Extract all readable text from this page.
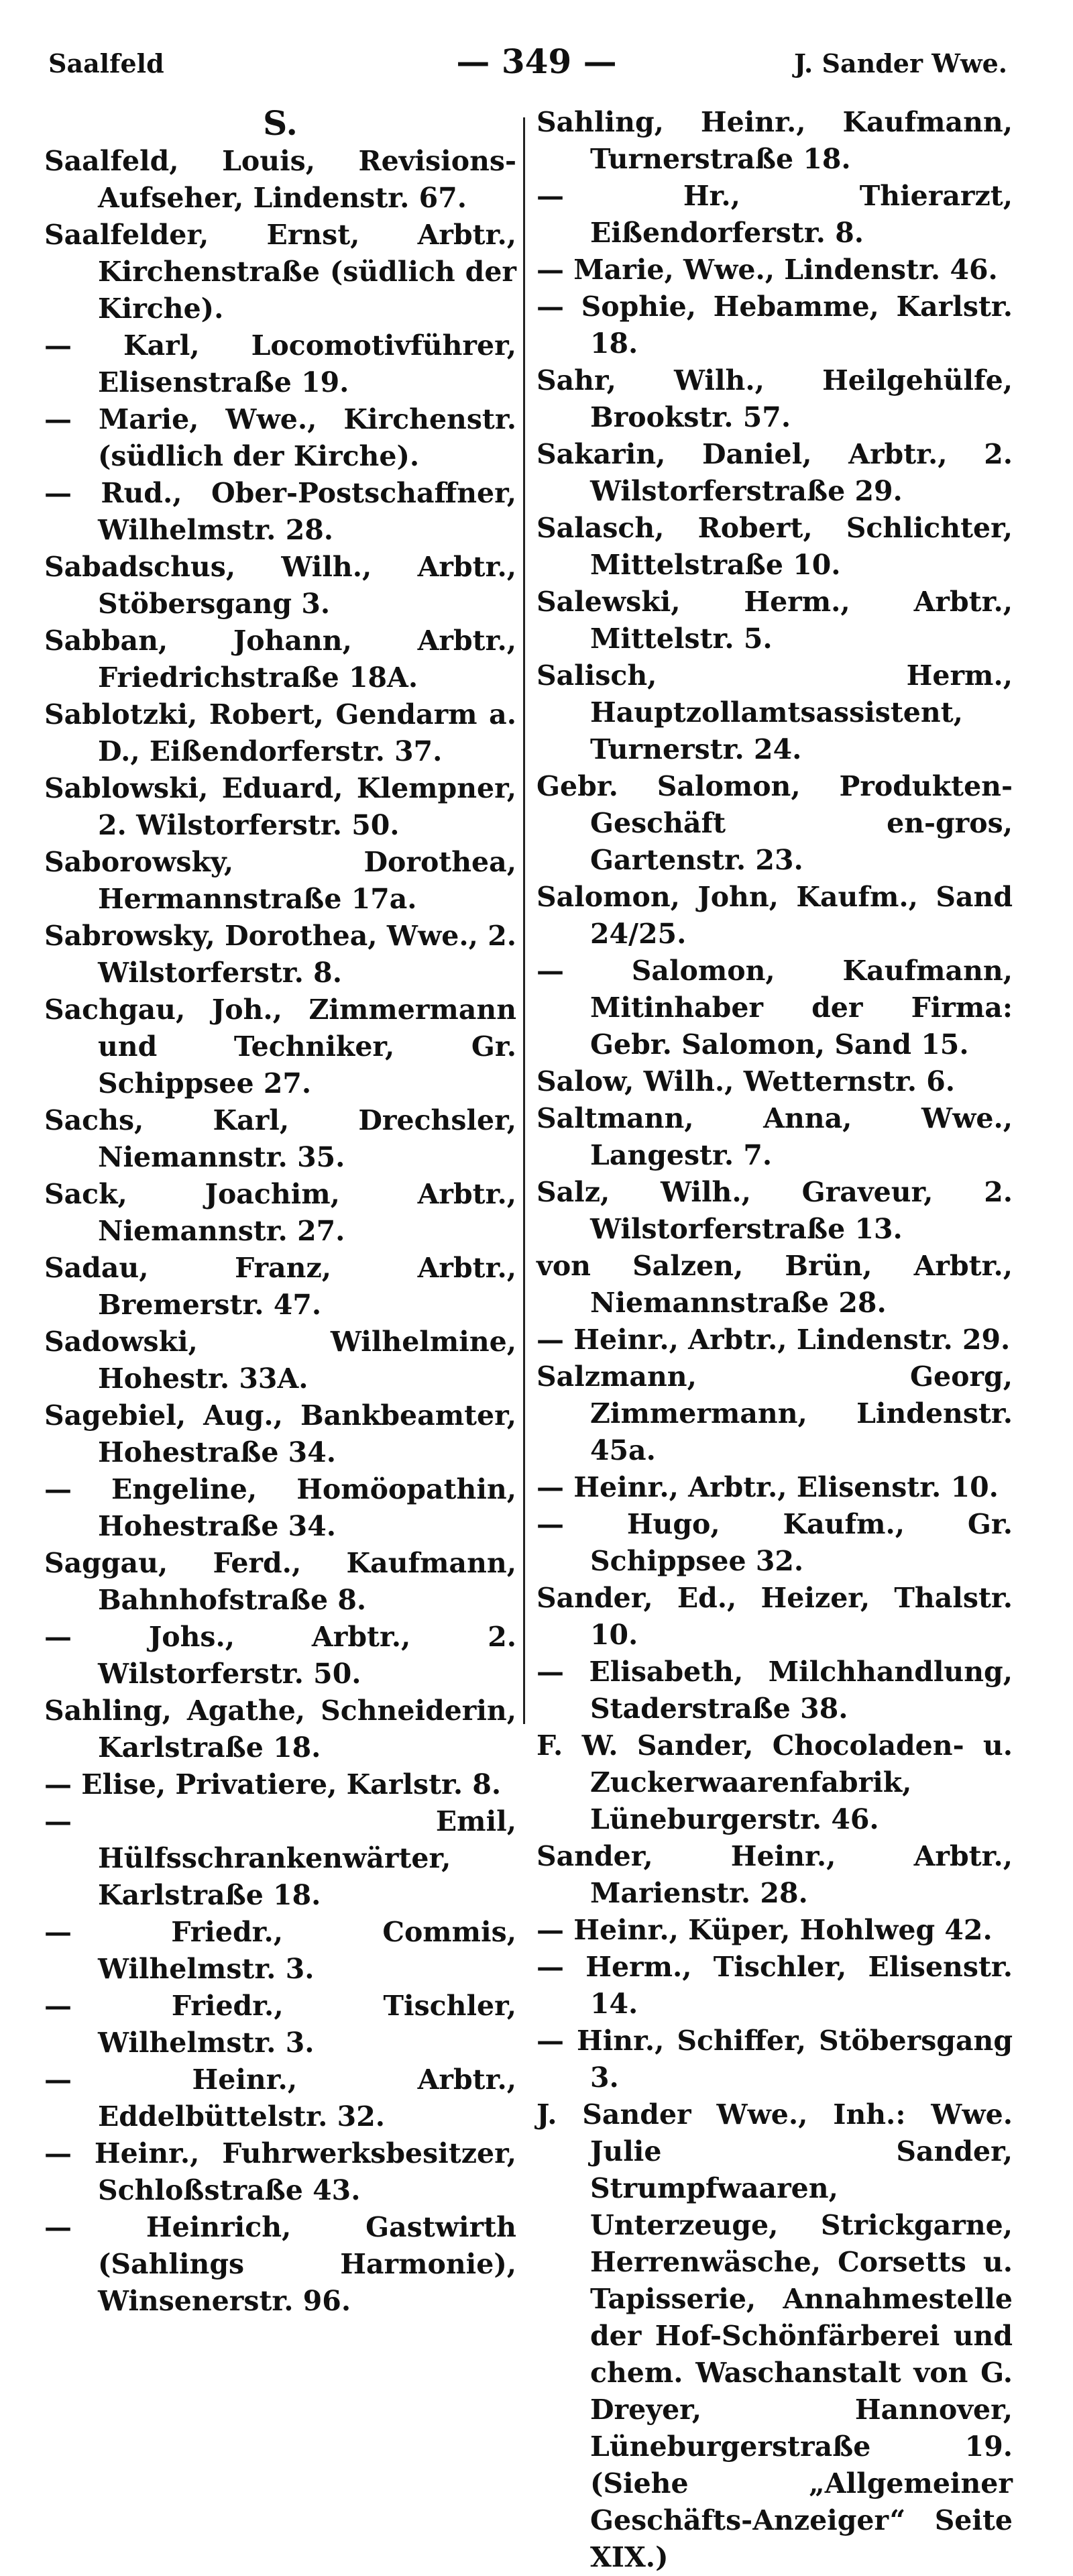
Saalfeld	— 349 —	J. Sander Wwe.
S.
Saalfeld, Louis, Revisions-Aufseher, Lindenstr. 67.
Saalfelder, Ernst, Arbtr., Kirchenstraße (südlich der Kirche).
— Karl, Locomotivführer, Elisenstraße 19.
— Marie, Wwe., Kirchenstr. (südlich der Kirche).
— Rud., Ober-Postschaffner, Wilhelmstr. 28.
Sabadschus, Wilh., Arbtr., Stöbersgang 3.
Sabban, Johann, Arbtr., Friedrichstraße 18A.
Sablotzki, Robert, Gendarm a. D., Eißendorferstr. 37.
Sablowski, Eduard, Klempner, 2. Wilstorferstr. 50.
Saborowsky, Dorothea, Hermannstraße 17a.
Sabrowsky, Dorothea, Wwe., 2. Wilstorferstr. 8.
Sachgau, Joh., Zimmermann und Techniker, Gr. Schippsee 27.
Sachs, Karl, Drechsler, Niemannstr. 35.
Sack, Joachim, Arbtr., Niemannstr. 27.
Sadau, Franz, Arbtr., Bremerstr. 47.
Sadowski, Wilhelmine, Hohestr. 33A.
Sagebiel, Aug., Bankbeamter, Hohestraße 34.
— Engeline, Homöopathin, Hohestraße 34.
Saggau, Ferd., Kaufmann, Bahnhofstraße 8.
— Johs., Arbtr., 2. Wilstorferstr. 50.
Sahling, Agathe, Schneiderin, Karlstraße 18.
— Elise, Privatiere, Karlstr. 8.
— Emil, Hülfsschrankenwärter, Karlstraße 18.
— Friedr., Commis, Wilhelmstr. 3.
— Friedr., Tischler, Wilhelmstr. 3.
— Heinr., Arbtr., Eddelbüttelstr. 32.
— Heinr., Fuhrwerksbesitzer, Schloßstraße 43.
— Heinrich, Gastwirth (Sahlings Harmonie), Winsenerstr. 96.
Sahling, Heinr., Kaufmann, Turnerstraße 18.
— Hr., Thierarzt, Eißendorferstr. 8.
— Marie, Wwe., Lindenstr. 46.
— Sophie, Hebamme, Karlstr. 18.
Sahr, Wilh., Heilgehülfe, Brookstr. 57.
Sakarin, Daniel, Arbtr., 2. Wilstorferstraße 29.
Salasch, Robert, Schlichter, Mittelstraße 10.
Salewski, Herm., Arbtr., Mittelstr. 5.
Salisch, Herm., Hauptzollamtsassistent, Turnerstr. 24.
Gebr. Salomon, Produkten-Geschäft en-gros, Gartenstr. 23.
Salomon, John, Kaufm., Sand 24/25.
— Salomon, Kaufmann, Mitinhaber der Firma: Gebr. Salomon, Sand 15.
Salow, Wilh., Wetternstr. 6.
Saltmann, Anna, Wwe., Langestr. 7.
Salz, Wilh., Graveur, 2. Wilstorferstraße 13.
von Salzen, Brün, Arbtr., Niemannstraße 28.
— Heinr., Arbtr., Lindenstr. 29.
Salzmann, Georg, Zimmermann, Lindenstr. 45a.
— Heinr., Arbtr., Elisenstr. 10.
— Hugo, Kaufm., Gr. Schippsee 32.
Sander, Ed., Heizer, Thalstr. 10.
— Elisabeth, Milchhandlung, Staderstraße 38.
F. W. Sander, Chocoladen- u. Zuckerwaarenfabrik, Lüneburgerstr. 46.
Sander, Heinr., Arbtr., Marienstr. 28.
— Heinr., Küper, Hohlweg 42.
— Herm., Tischler, Elisenstr. 14.
— Hinr., Schiffer, Stöbersgang 3.
J. Sander Wwe., Inh.: Wwe. Julie Sander, Strumpfwaaren, Unterzeuge, Strickgarne, Herrenwäsche, Corsetts u. Tapisserie, Annahmestelle der Hof-Schönfärberei und chem. Waschanstalt von G. Dreyer, Hannover, Lüneburgerstraße 19. (Siehe „Allgemeiner Geschäfts-Anzeiger“ Seite XIX.)
